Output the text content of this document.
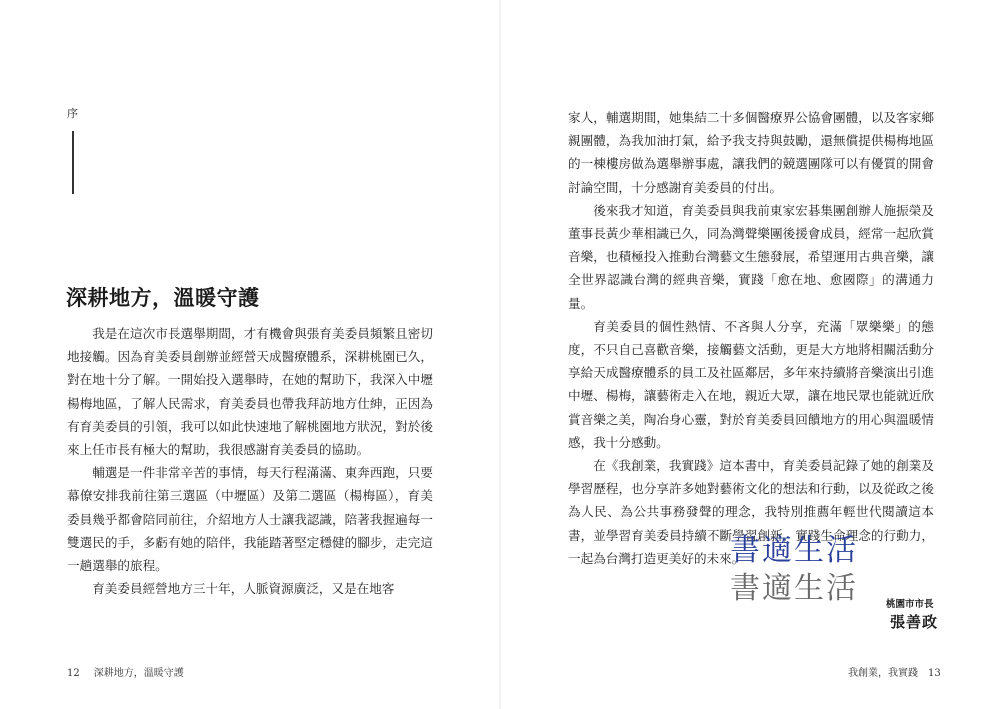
序
深耕地方，溫暖守護

我是在這次市長選舉期間，才有機會與張育美委員頻繁且密切地接觸。因為育美委員創辦並經營天成醫療體系，深耕桃園已久，對在地十分了解。一開始投入選舉時，在她的幫助下，我深入中壢楊梅地區，了解人民需求，育美委員也帶我拜訪地方仕紳，正因為有育美委員的引領，我可以如此快速地了解桃園地方狀況，對於後來上任市長有極大的幫助，我很感謝育美委員的協助。

輔選是一件非常辛苦的事情，每天行程滿滿、東奔西跑，只要幕僚安排我前往第三選區（中壢區）及第二選區（楊梅區），育美委員幾乎都會陪同前往，介紹地方人士讓我認識，陪著我握遍每一雙選民的手，多虧有她的陪伴，我能踏著堅定穩健的腳步，走完這一趟選舉的旅程。

育美委員經營地方三十年，人脈資源廣泛，又是在地客

12 深耕地方，溫暖守護

家人，輔選期間，她集結二十多個醫療界公協會團體，以及客家鄉親團體，為我加油打氣，給予我支持與鼓勵，還無償提供楊梅地區的一棟樓房做為選舉辦事處，讓我們的競選團隊可以有優質的開會討論空間，十分感謝育美委員的付出。

後來我才知道，育美委員與我前東家宏碁集團創辦人施振榮及董事長黃少華相識已久，同為灣聲樂團後援會成員，經常一起欣賞音樂，也積極投入推動台灣藝文生態發展，希望運用古典音樂，讓全世界認識台灣的經典音樂，實踐「愈在地、愈國際」的溝通力量。

育美委員的個性熱情、不吝與人分享，充滿「眾樂樂」的態度，不只自己喜歡音樂，接觸藝文活動，更是大方地將相關活動分享給天成醫療體系的員工及社區鄰居，多年來持續將音樂演出引進中壢、楊梅，讓藝術走入在地，親近大眾，讓在地民眾也能就近欣賞音樂之美，陶冶身心靈，對於育美委員回饋地方的用心與溫暖情感，我十分感動。

在《我創業，我實踐》這本書中，育美委員記錄了她的創業及學習歷程，也分享許多她對藝術文化的想法和行動，以及從政之後為人民、為公共事務發聲的理念，我特別推薦年輕世代閱讀這本書，並學習育美委員持續不斷學習創新，實踐生命理念的行動力，一起為台灣打造更美好的未來。

書適生活
書適生活	桃園市市長
張善政
我創業，我實踐 13
